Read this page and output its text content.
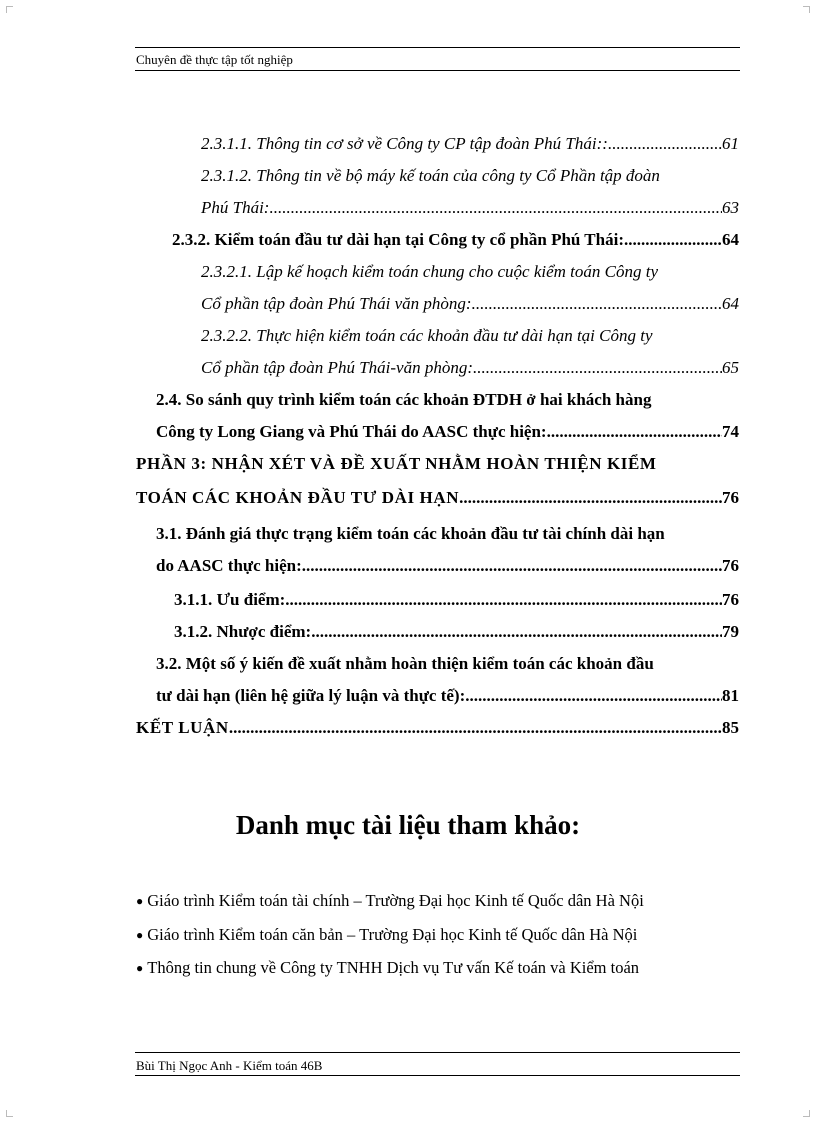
Chuyên đề thực tập tốt nghiệp
2.3.1.1. Thông tin cơ sở về Công ty CP tập đoàn Phú Thái:: .....	61
2.3.1.2. Thông tin về bộ máy kế toán của công ty Cổ Phần tập đoàn
Phú Thái: .....	63
2.3.2. Kiểm toán đầu tư dài hạn tại Công ty cổ phần Phú Thái: .....	64
2.3.2.1. Lập kế hoạch kiểm toán chung cho cuộc kiểm toán Công ty
Cổ phần tập đoàn Phú Thái văn phòng: .....	64
2.3.2.2. Thực hiện kiểm toán các khoản đầu tư dài hạn tại Công ty
Cổ phần tập đoàn Phú Thái-văn phòng: .....	65
2.4. So sánh quy trình kiểm toán các khoản ĐTDH ở hai khách hàng
Công ty Long Giang và Phú Thái do AASC thực hiện: .....	74
PHẦN 3: NHẬN XÉT VÀ ĐỀ XUẤT NHẰM HOÀN THIỆN KIỂM
TOÁN CÁC KHOẢN ĐẦU TƯ DÀI HẠN .....	76
3.1. Đánh giá thực trạng kiểm toán các khoản đầu tư tài chính dài hạn
do AASC thực hiện: .....	76
3.1.1. Ưu điểm: .....	76
3.1.2. Nhược điểm: .....	79
3.2. Một số ý kiến đề xuất nhằm hoàn thiện kiểm toán các khoản đầu
tư dài hạn (liên hệ giữa lý luận và thực tế): .....	81
KẾT LUẬN .....	85
Danh mục tài liệu tham khảo:
● Giáo trình Kiểm toán tài chính – Trường Đại học Kinh tế Quốc dân Hà Nội
● Giáo trình Kiểm toán căn bản – Trường Đại học Kinh tế Quốc dân Hà Nội
● Thông tin chung về Công ty TNHH Dịch vụ Tư vấn Kế toán và Kiểm toán
Bùi Thị Ngọc Anh - Kiểm toán 46B
